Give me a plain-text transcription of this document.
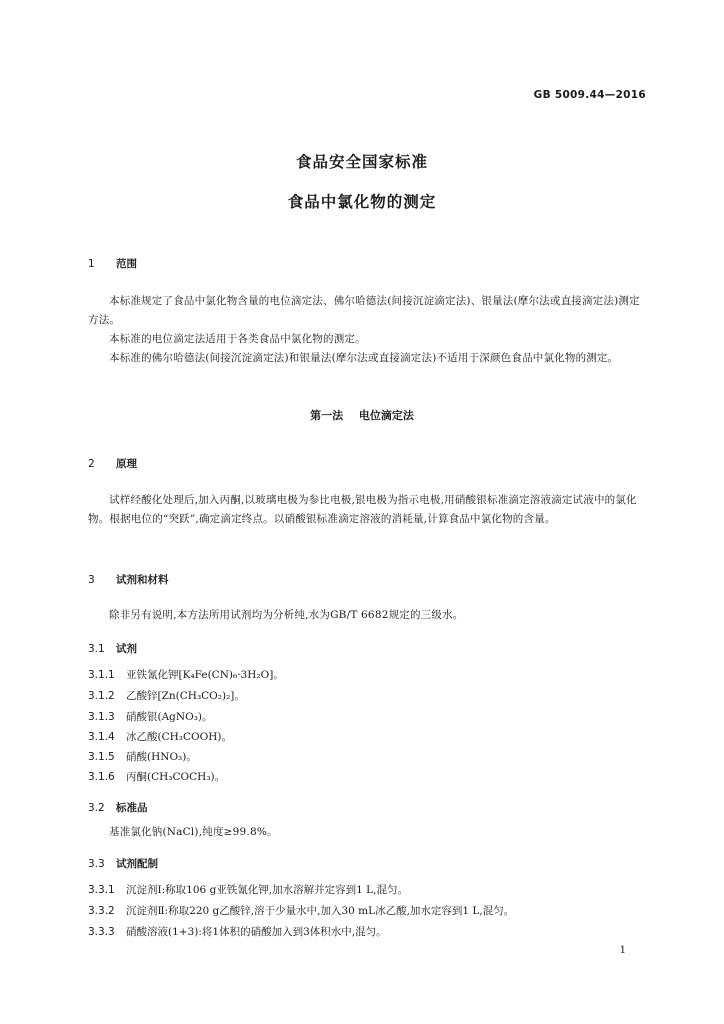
GB 5009.44—2016
食品安全国家标准
食品中氯化物的测定
1 范围
本标准规定了食品中氯化物含量的电位滴定法、佛尔哈德法(间接沉淀滴定法)、银量法(摩尔法或直接滴定法)测定方法。
本标准的电位滴定法适用于各类食品中氯化物的测定。
本标准的佛尔哈德法(间接沉淀滴定法)和银量法(摩尔法或直接滴定法)不适用于深颜色食品中氯化物的测定。
第一法 电位滴定法
2 原理
试样经酸化处理后,加入丙酮,以玻璃电极为参比电极,银电极为指示电极,用硝酸银标准滴定溶液滴定试液中的氯化物。根据电位的“突跃”,确定滴定终点。以硝酸银标准滴定溶液的消耗量,计算食品中氯化物的含量。
3 试剂和材料
除非另有说明,本方法所用试剂均为分析纯,水为GB/T 6682规定的三级水。
3.1 试剂
3.1.1 亚铁氰化钾[K₄Fe(CN)₆·3H₂O]。
3.1.2 乙酸锌[Zn(CH₃CO₂)₂]。
3.1.3 硝酸银(AgNO₃)。
3.1.4 冰乙酸(CH₃COOH)。
3.1.5 硝酸(HNO₃)。
3.1.6 丙酮(CH₃COCH₃)。
3.2 标准品
基准氯化钠(NaCl),纯度≥99.8%。
3.3 试剂配制
3.3.1 沉淀剂Ⅰ:称取106 g亚铁氰化钾,加水溶解并定容到1 L,混匀。
3.3.2 沉淀剂Ⅱ:称取220 g乙酸锌,溶于少量水中,加入30 mL冰乙酸,加水定容到1 L,混匀。
3.3.3 硝酸溶液(1+3):将1体积的硝酸加入到3体积水中,混匀。
1
